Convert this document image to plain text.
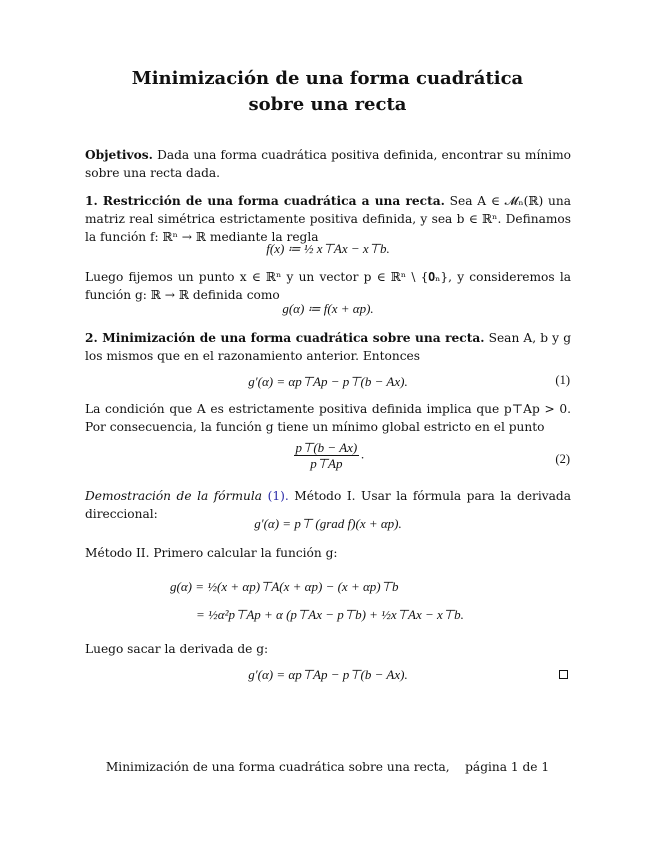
Minimización de una forma cuadrática
sobre una recta
Objetivos. Dada una forma cuadrática positiva definida, encontrar su mínimo sobre una recta dada.
1. Restricción de una forma cuadrática a una recta. Sea A ∈ 𝓜ₙ(ℝ) una matriz real simétrica estrictamente positiva definida, y sea b ∈ ℝⁿ. Definamos la función f: ℝⁿ → ℝ mediante la regla
f(x) ≔ ½ x⊤Ax − x⊤b.
Luego fijemos un punto x ∈ ℝⁿ y un vector p ∈ ℝⁿ \ {𝟎ₙ}, y consideremos la función g: ℝ → ℝ definida como
g(α) ≔ f(x + αp).
2. Minimización de una forma cuadrática sobre una recta. Sean A, b y g los mismos que en el razonamiento anterior. Entonces
g′(α) = αp⊤Ap − p⊤(b − Ax).	(1)
La condición que A es estrictamente positiva definida implica que p⊤Ap > 0. Por consecuencia, la función g tiene un mínimo global estricto en el punto
$\frac{p⊤(b - Ax)}{p⊤Ap}$ .	(2)
Demostración de la fórmula (1). Método I. Usar la fórmula para la derivada direccional:
g′(α) = p⊤ (grad f)(x + αp).
Método II. Primero calcular la función g:
g(α) = ½(x + αp)⊤A(x + αp) − (x + αp)⊤b
= ½α²p⊤Ap + α (p⊤Ax − p⊤b) + ½x⊤Ax − x⊤b.
Luego sacar la derivada de g:
g′(α) = αp⊤Ap − p⊤(b − Ax).
Minimización de una forma cuadrática sobre una recta, página 1 de 1
